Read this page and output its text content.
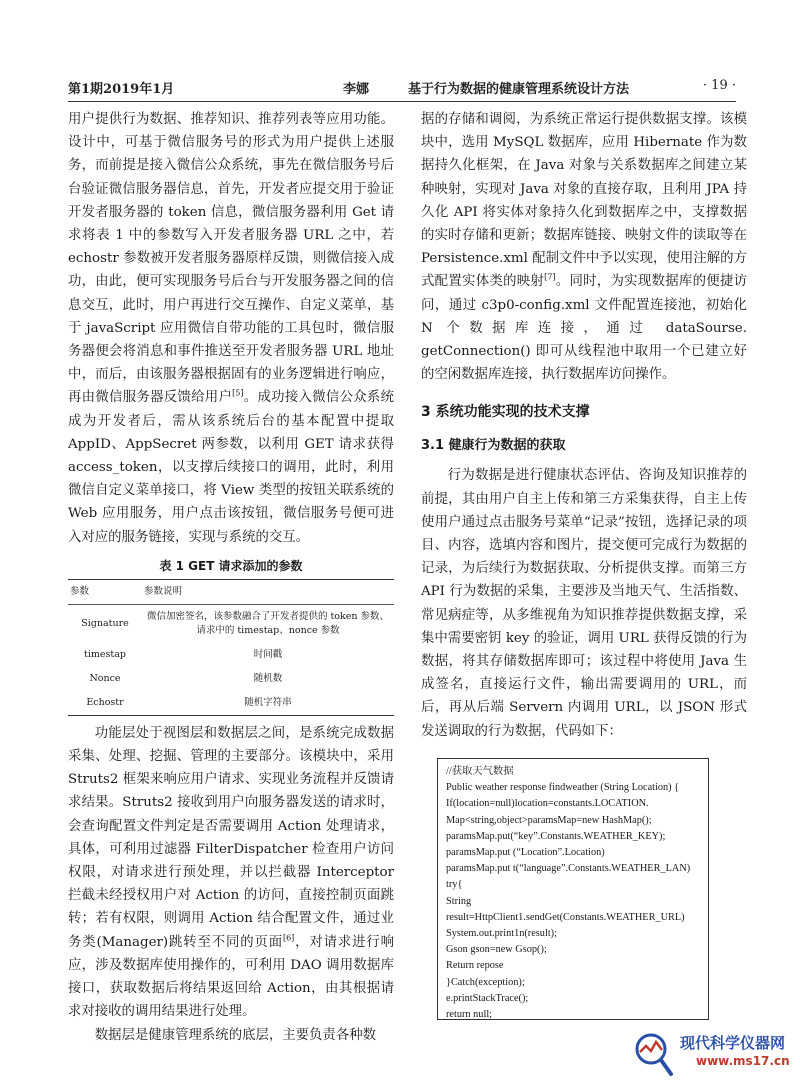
第1期2019年1月	李娜	基于行为数据的健康管理系统设计方法	· 19 ·

用户提供行为数据、推荐知识、推荐列表等应用功能。设计中，可基于微信服务号的形式为用户提供上述服务，而前提是接入微信公众系统，事先在微信服务号后台验证微信服务器信息，首先，开发者应提交用于验证开发者服务器的 token 信息，微信服务器利用 Get 请求将表 1 中的参数写入开发者服务器 URL 之中，若 echostr 参数被开发者服务器原样反馈，则微信接入成功，由此，便可实现服务号后台与开发服务器之间的信息交互，此时，用户再进行交互操作、自定义菜单，基于 javaScript 应用微信自带功能的工具包时，微信服务器便会将消息和事件推送至开发者服务器 URL 地址中，而后，由该服务器根据固有的业务逻辑进行响应，再由微信服务器反馈给用户[5]。成功接入微信公众系统成为开发者后，需从该系统后台的基本配置中提取 AppID、AppSecret 两参数，以利用 GET 请求获得 access_token，以支撑后续接口的调用，此时，利用微信自定义菜单接口，将 View 类型的按钮关联系统的 Web 应用服务，用户点击该按钮，微信服务号便可进入对应的服务链接，实现与系统的交互。

表 1 GET 请求添加的参数
参数	参数说明
Signature	微信加密签名，该参数融合了开发者提供的 token 参数、请求中的 timestap、nonce 参数
timestap	时间戳
Nonce	随机数
Echostr	随机字符串

功能层处于视图层和数据层之间，是系统完成数据采集、处理、挖掘、管理的主要部分。该模块中，采用 Struts2 框架来响应用户请求、实现业务流程并反馈请求结果。Struts2 接收到用户向服务器发送的请求时，会查询配置文件判定是否需要调用 Action 处理请求，具体，可利用过滤器 FilterDispatcher 检查用户访问权限，对请求进行预处理，并以拦截器 Interceptor 拦截未经授权用户对 Action 的访问，直接控制页面跳转；若有权限，则调用 Action 结合配置文件，通过业务类(Manager)跳转至不同的页面[6]，对请求进行响应，涉及数据库使用操作的，可利用 DAO 调用数据库接口，获取数据后将结果返回给 Action，由其根据请求对接收的调用结果进行处理。

数据层是健康管理系统的底层，主要负责各种数

据的存储和调阅，为系统正常运行提供数据支撑。该模块中，选用 MySQL 数据库，应用 Hibernate 作为数据持久化框架，在 Java 对象与关系数据库之间建立某种映射，实现对 Java 对象的直接存取，且利用 JPA 持久化 API 将实体对象持久化到数据库之中，支撑数据的实时存储和更新；数据库链接、映射文件的读取等在 Persistence.xml 配制文件中予以实现，使用注解的方式配置实体类的映射[7]。同时，为实现数据库的便捷访问，通过 c3p0-config.xml 文件配置连接池，初始化 N 个数据库连接，通过 dataSourse. getConnection() 即可从线程池中取用一个已建立好的空闲数据库连接，执行数据库访问操作。

3 系统功能实现的技术支撑
3.1 健康行为数据的获取

行为数据是进行健康状态评估、咨询及知识推荐的前提，其由用户自主上传和第三方采集获得，自主上传使用户通过点击服务号菜单“记录”按钮，选择记录的项目、内容，选填内容和图片，提交便可完成行为数据的记录，为后续行为数据获取、分析提供支撑。而第三方 API 行为数据的采集，主要涉及当地天气、生活指数、常见病症等，从多维视角为知识推荐提供数据支撑，采集中需要密钥 key 的验证，调用 URL 获得反馈的行为数据，将其存储数据库即可；该过程中将使用 Java 生成签名，直接运行文件，输出需要调用的 URL，而后，再从后端 Servern 内调用 URL，以 JSON 形式发送调取的行为数据，代码如下：

//获取天气数据
Public weather response findweather (String Location) {
If(location=null)location=constants.LOCATION.
Map<string,object>paramsMap=new HashMap();
paramsMap.put(“key”.Constants.WEATHER_KEY);
paramsMap.put (“Location”.Location)
paramsMap.put t(“language”.Constants.WEATHER_LAN)
try{
String
result=HttpClient1.sendGet(Constants.WEATHER_URL)
System.out.print1n(result);
Gson gson=new Gsop();
Return repose
}Catch(exception);
e.printStackTrace();
return null;
现代科学仪器网
www.ms17.cn
